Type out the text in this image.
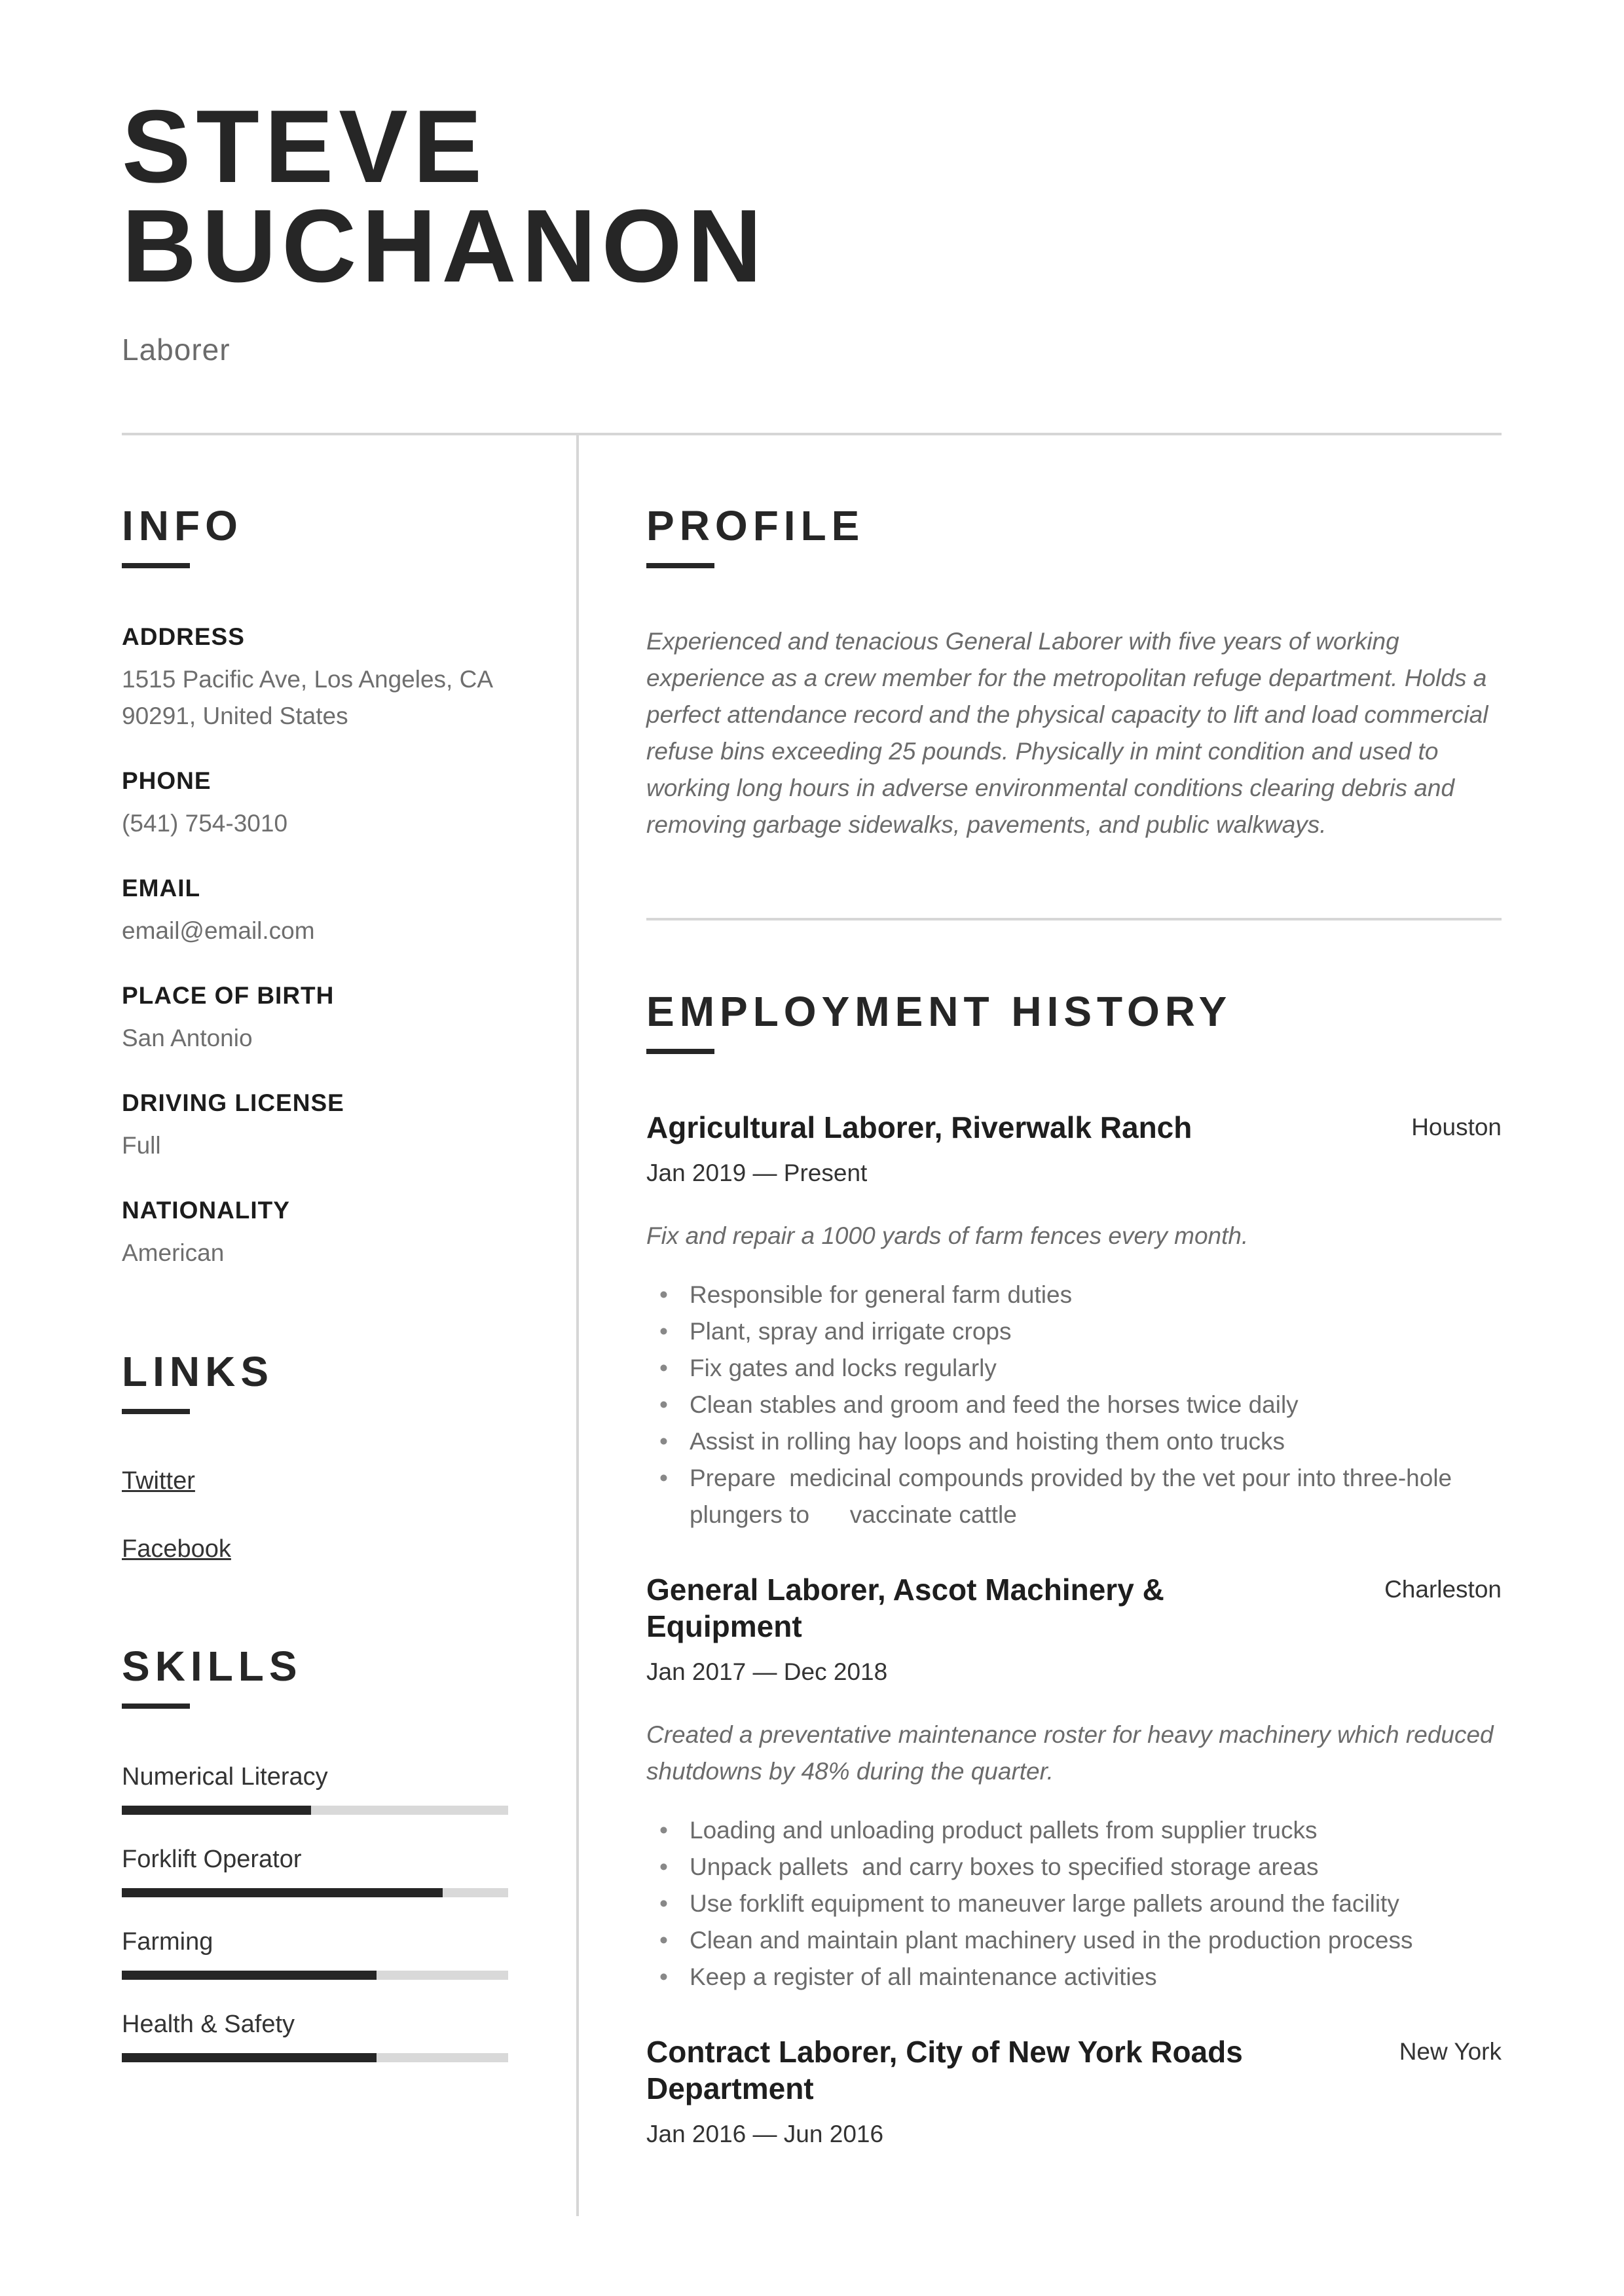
STEVE
BUCHANON
Laborer
INFO
ADDRESS
1515 Pacific Ave, Los Angeles, CA 90291, United States
PHONE
(541) 754-3010
EMAIL
email@email.com
PLACE OF BIRTH
San Antonio
DRIVING LICENSE
Full
NATIONALITY
American
LINKS
Twitter
Facebook
SKILLS
Numerical Literacy
Forklift Operator
Farming
Health & Safety
PROFILE

Experienced and tenacious General Laborer with five years of working experience as a crew member for the metropolitan refuge department. Holds a perfect attendance record and the physical capacity to lift and load commercial refuse bins exceeding 25 pounds. Physically in mint condition and used to working long hours in adverse environmental conditions clearing debris and removing garbage sidewalks, pavements, and public walkways.

EMPLOYMENT HISTORY
Agricultural Laborer, Riverwalk Ranch	Houston
Jan 2019 — Present
Fix and repair a 1000 yards of farm fences every month.
• Responsible for general farm duties
• Plant, spray and irrigate crops
• Fix gates and locks regularly
• Clean stables and groom and feed the horses twice daily
• Assist in rolling hay loops and hoisting them onto trucks
• Prepare  medicinal compounds provided by the vet pour into three-hole plungers to      vaccinate cattle
General Laborer, Ascot Machinery & Equipment
Charleston
Jan 2017 — Dec 2018
Created a preventative maintenance roster for heavy machinery which reduced shutdowns by 48% during the quarter.
• Loading and unloading product pallets from supplier trucks
• Unpack pallets  and carry boxes to specified storage areas
• Use forklift equipment to maneuver large pallets around the facility
• Clean and maintain plant machinery used in the production process
• Keep a register of all maintenance activities
Contract Laborer, City of New York Roads Department
New York
Jan 2016 — Jun 2016
